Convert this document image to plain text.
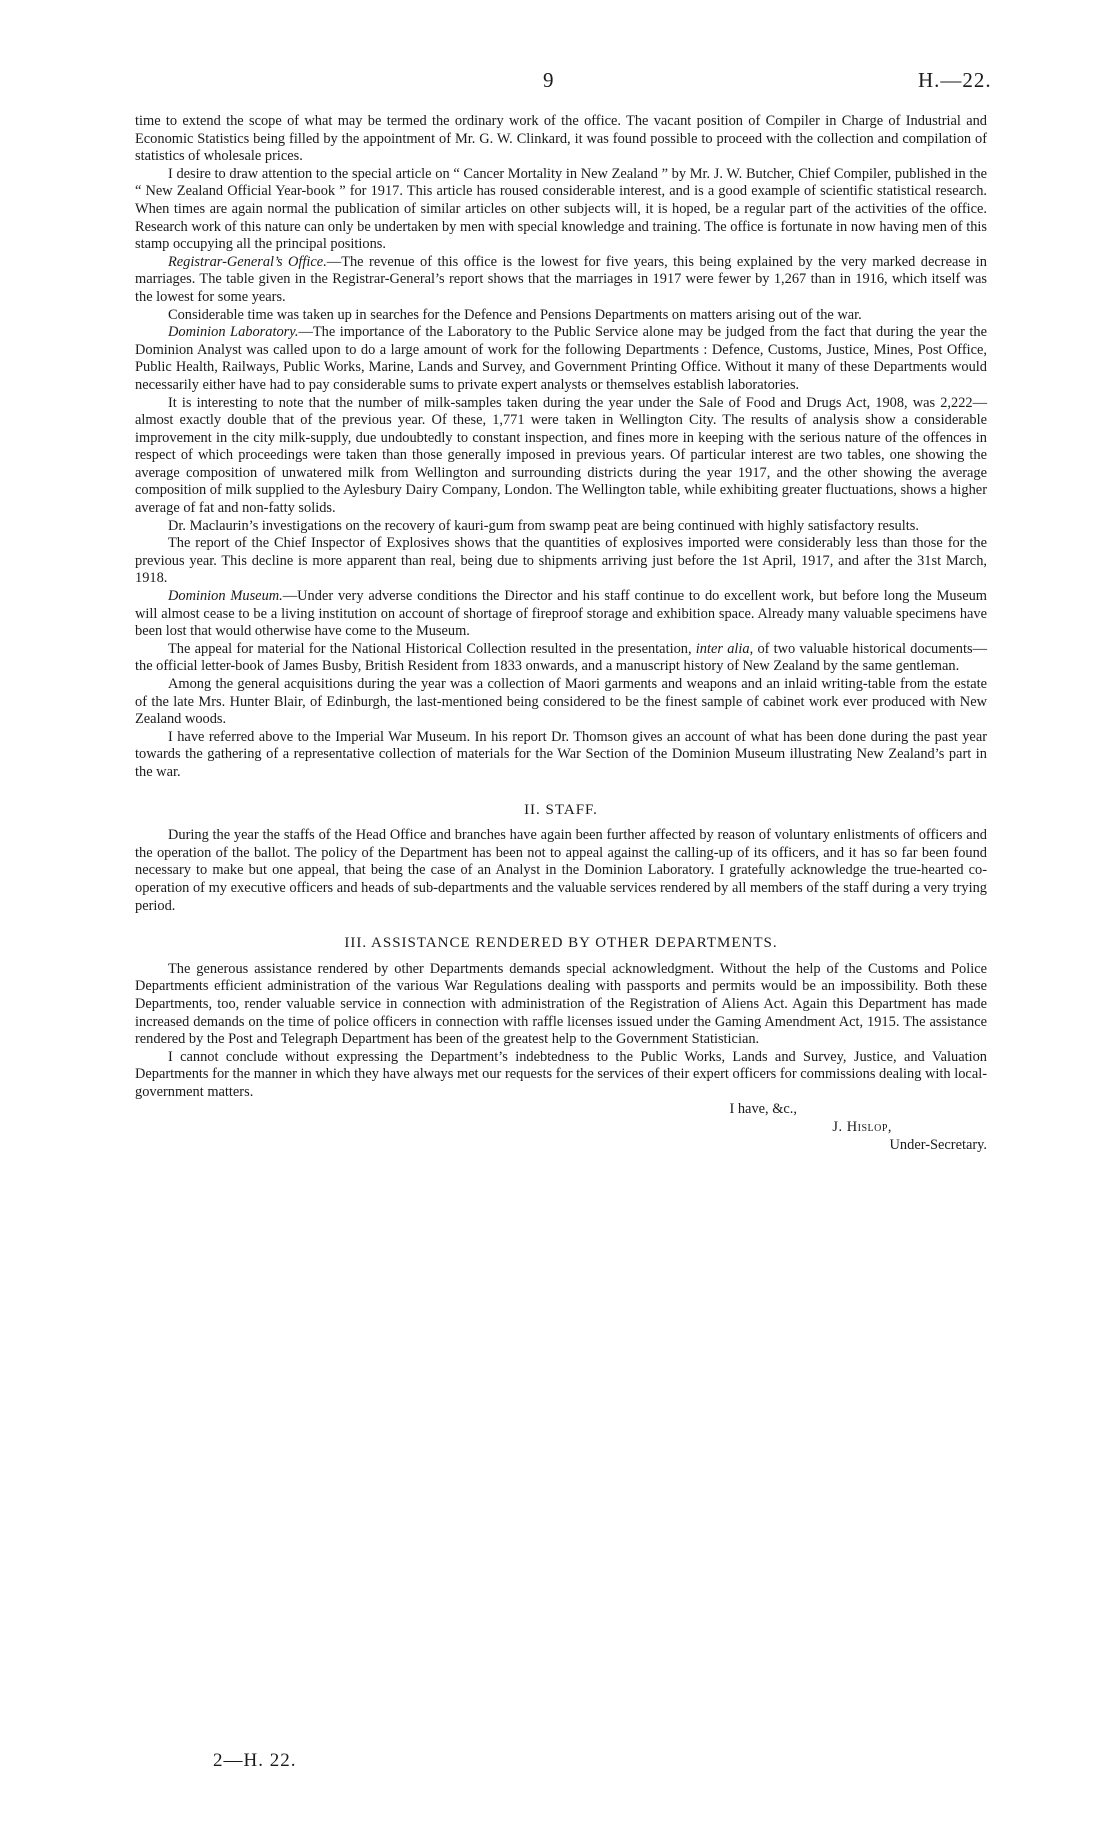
9	H.—22.

time to extend the scope of what may be termed the ordinary work of the office. The vacant position of Compiler in Charge of Industrial and Economic Statistics being filled by the appointment of Mr. G. W. Clinkard, it was found possible to proceed with the collection and compilation of statistics of wholesale prices.

I desire to draw attention to the special article on “ Cancer Mortality in New Zealand ” by Mr. J. W. Butcher, Chief Compiler, published in the “ New Zealand Official Year-book ” for 1917. This article has roused considerable interest, and is a good example of scientific statistical research. When times are again normal the publication of similar articles on other subjects will, it is hoped, be a regular part of the activities of the office. Research work of this nature can only be undertaken by men with special knowledge and training. The office is fortunate in now having men of this stamp occupying all the principal positions.

Registrar-General’s Office.—The revenue of this office is the lowest for five years, this being explained by the very marked decrease in marriages. The table given in the Registrar-General’s report shows that the marriages in 1917 were fewer by 1,267 than in 1916, which itself was the lowest for some years.

Considerable time was taken up in searches for the Defence and Pensions Departments on matters arising out of the war.

Dominion Laboratory.—The importance of the Laboratory to the Public Service alone may be judged from the fact that during the year the Dominion Analyst was called upon to do a large amount of work for the following Departments : Defence, Customs, Justice, Mines, Post Office, Public Health, Railways, Public Works, Marine, Lands and Survey, and Government Printing Office. Without it many of these Departments would necessarily either have had to pay considerable sums to private expert analysts or themselves establish laboratories.

It is interesting to note that the number of milk-samples taken during the year under the Sale of Food and Drugs Act, 1908, was 2,222—almost exactly double that of the previous year. Of these, 1,771 were taken in Wellington City. The results of analysis show a considerable improvement in the city milk-supply, due undoubtedly to constant inspection, and fines more in keeping with the serious nature of the offences in respect of which proceedings were taken than those generally imposed in previous years. Of particular interest are two tables, one showing the average composition of unwatered milk from Wellington and surrounding districts during the year 1917, and the other showing the average composition of milk supplied to the Aylesbury Dairy Company, London. The Wellington table, while exhibiting greater fluctuations, shows a higher average of fat and non-fatty solids.

Dr. Maclaurin’s investigations on the recovery of kauri-gum from swamp peat are being continued with highly satisfactory results.

The report of the Chief Inspector of Explosives shows that the quantities of explosives imported were considerably less than those for the previous year. This decline is more apparent than real, being due to shipments arriving just before the 1st April, 1917, and after the 31st March, 1918.

Dominion Museum.—Under very adverse conditions the Director and his staff continue to do excellent work, but before long the Museum will almost cease to be a living institution on account of shortage of fireproof storage and exhibition space. Already many valuable specimens have been lost that would otherwise have come to the Museum.

The appeal for material for the National Historical Collection resulted in the presentation, inter alia, of two valuable historical documents—the official letter-book of James Busby, British Resident from 1833 onwards, and a manuscript history of New Zealand by the same gentleman.

Among the general acquisitions during the year was a collection of Maori garments and weapons and an inlaid writing-table from the estate of the late Mrs. Hunter Blair, of Edinburgh, the last-mentioned being considered to be the finest sample of cabinet work ever produced with New Zealand woods.

I have referred above to the Imperial War Museum. In his report Dr. Thomson gives an account of what has been done during the past year towards the gathering of a representative collection of materials for the War Section of the Dominion Museum illustrating New Zealand’s part in the war.

II. STAFF.

During the year the staffs of the Head Office and branches have again been further affected by reason of voluntary enlistments of officers and the operation of the ballot. The policy of the Department has been not to appeal against the calling-up of its officers, and it has so far been found necessary to make but one appeal, that being the case of an Analyst in the Dominion Laboratory. I gratefully acknowledge the true-hearted co-operation of my executive officers and heads of sub-departments and the valuable services rendered by all members of the staff during a very trying period.

III. ASSISTANCE RENDERED BY OTHER DEPARTMENTS.

The generous assistance rendered by other Departments demands special acknowledgment. Without the help of the Customs and Police Departments efficient administration of the various War Regulations dealing with passports and permits would be an impossibility. Both these Departments, too, render valuable service in connection with administration of the Registration of Aliens Act. Again this Department has made increased demands on the time of police officers in connection with raffle licenses issued under the Gaming Amendment Act, 1915. The assistance rendered by the Post and Telegraph Department has been of the greatest help to the Government Statistician.

I cannot conclude without expressing the Department’s indebtedness to the Public Works, Lands and Survey, Justice, and Valuation Departments for the manner in which they have always met our requests for the services of their expert officers for commissions dealing with local-government matters.

I have, &c.,
J. Hislop,
Under-Secretary.
2—H. 22.
